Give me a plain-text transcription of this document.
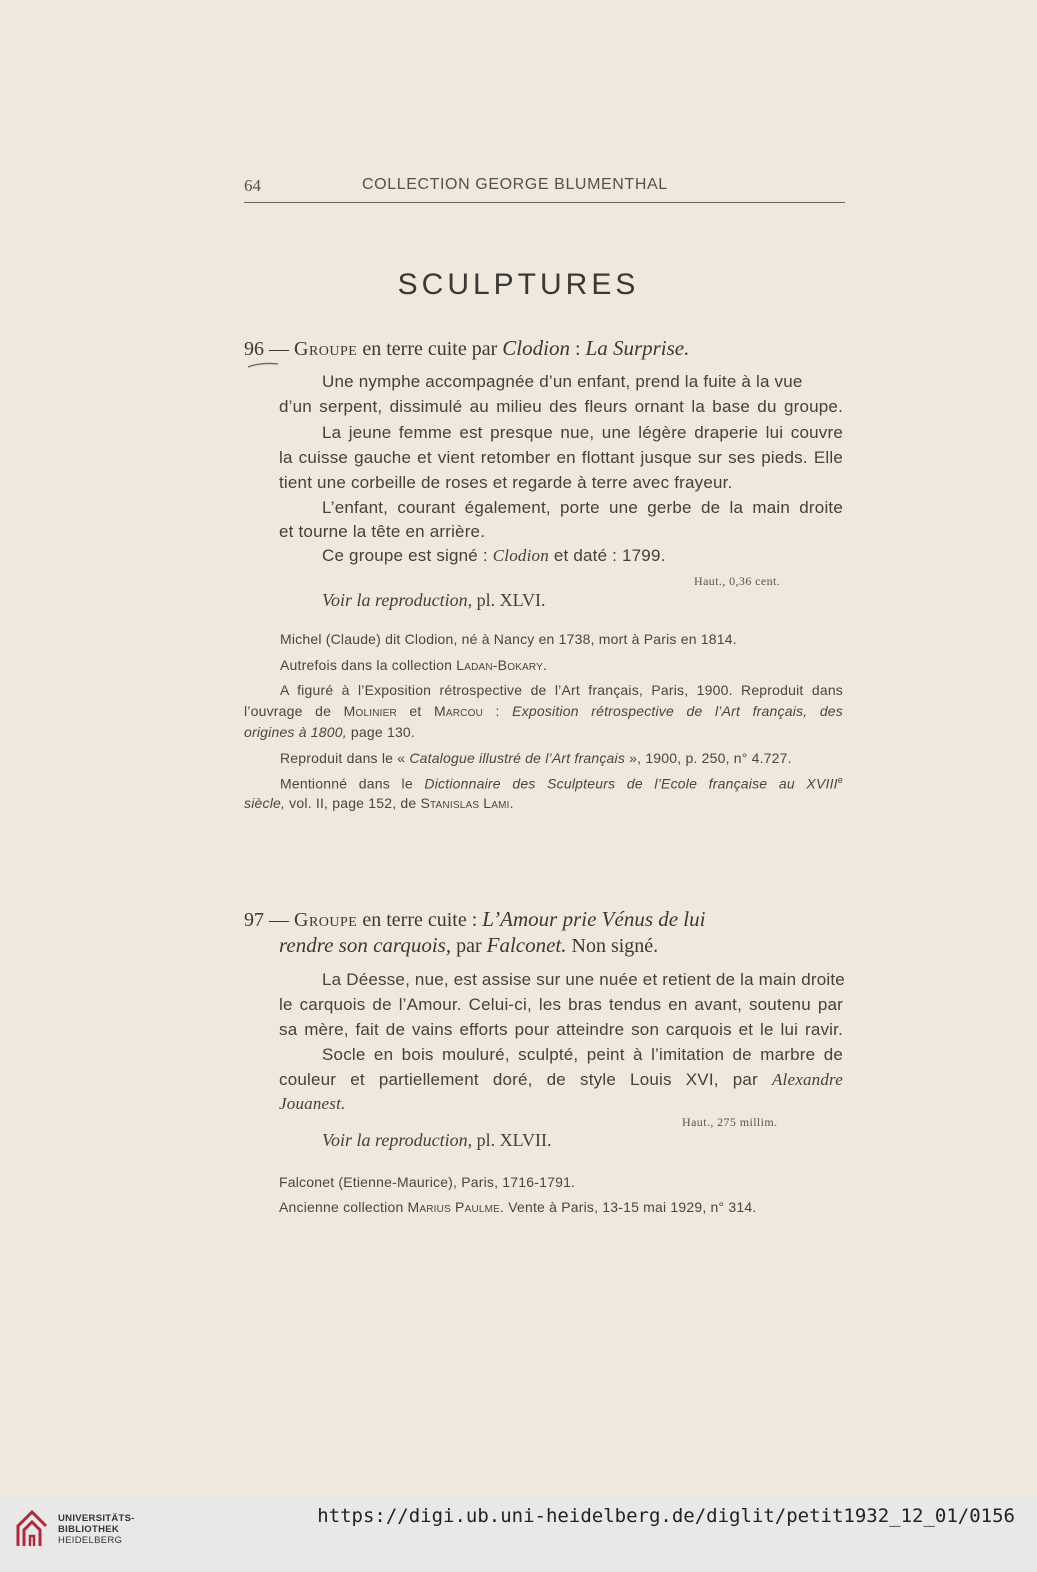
64	COLLECTION GEORGE BLUMENTHAL
SCULPTURES
96 — Groupe en terre cuite par Clodion : La Surprise.
Une nymphe accompagnée d’un enfant, prend la fuite à la vue
d’un serpent, dissimulé au milieu des fleurs ornant la base du groupe.
La jeune femme est presque nue, une légère draperie lui couvre
la cuisse gauche et vient retomber en flottant jusque sur ses pieds. Elle
tient une corbeille de roses et regarde à terre avec frayeur.
L’enfant, courant également, porte une gerbe de la main droite
et tourne la tête en arrière.
Ce groupe est signé : Clodion et daté : 1799.
Haut., 0,36 cent.
Voir la reproduction, pl. XLVI.
Michel (Claude) dit Clodion, né à Nancy en 1738, mort à Paris en 1814.
Autrefois dans la collection Ladan-Bokary.
A figuré à l’Exposition rétrospective de l’Art français, Paris, 1900. Reproduit dans
l’ouvrage de Molinier et Marcou : Exposition rétrospective de l’Art français, des
origines à 1800, page 130.
Reproduit dans le « Catalogue illustré de l’Art français », 1900, p. 250, n° 4.727.
Mentionné dans le Dictionnaire des Sculpteurs de l’Ecole française au XVIIIe
siècle, vol. II, page 152, de Stanislas Lami.
97 — Groupe en terre cuite : L’Amour prie Vénus de lui
rendre son carquois, par Falconet. Non signé.
La Déesse, nue, est assise sur une nuée et retient de la main droite
le carquois de l’Amour. Celui-ci, les bras tendus en avant, soutenu par
sa mère, fait de vains efforts pour atteindre son carquois et le lui ravir.
Socle en bois mouluré, sculpté, peint à l’imitation de marbre de
couleur et partiellement doré, de style Louis XVI, par Alexandre
Jouanest.
Haut., 275 millim.
Voir la reproduction, pl. XLVII.
Falconet (Etienne-Maurice), Paris, 1716-1791.
Ancienne collection Marius Paulme. Vente à Paris, 13-15 mai 1929, n° 314.
UNIVERSITÄTS-
BIBLIOTHEK
HEIDELBERG
https://digi.ub.uni-heidelberg.de/diglit/petit1932_12_01/0156
